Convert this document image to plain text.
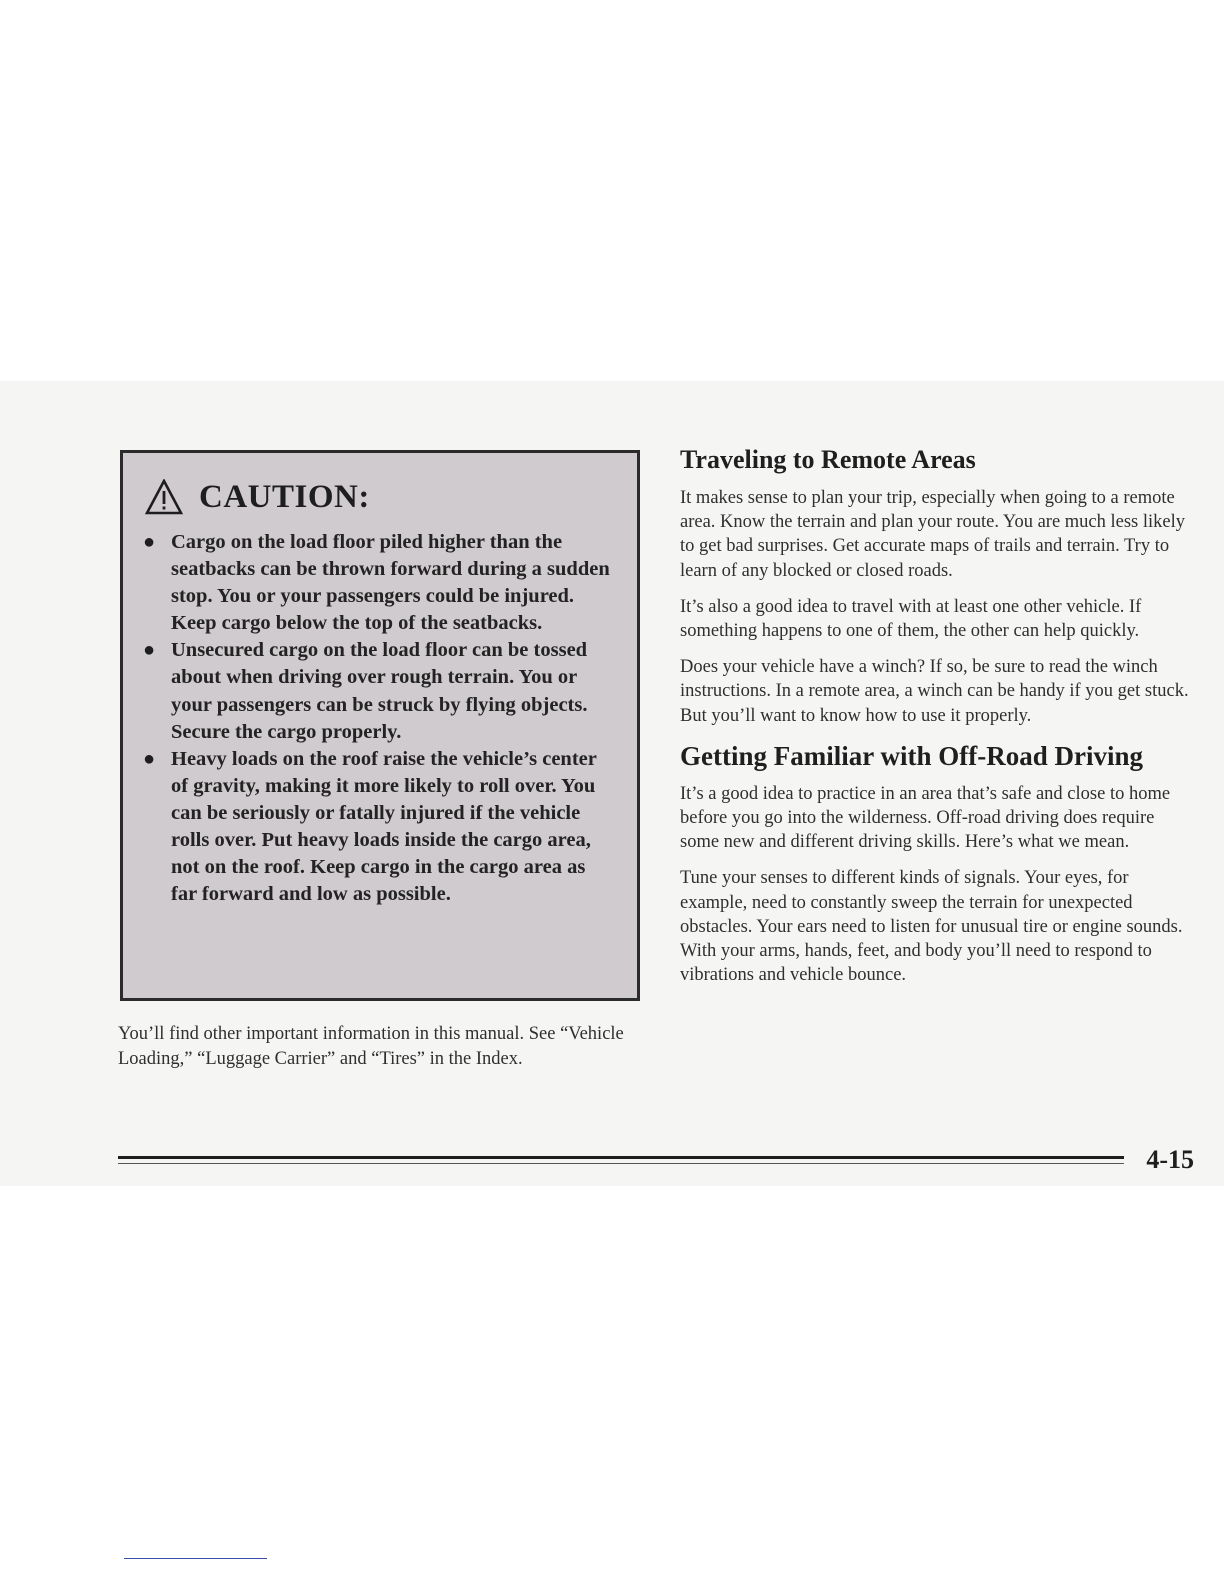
CAUTION:
● Cargo on the load floor piled higher than the seatbacks can be thrown forward during a sudden stop. You or your passengers could be injured. Keep cargo below the top of the seatbacks.
● Unsecured cargo on the load floor can be tossed about when driving over rough terrain. You or your passengers can be struck by flying objects. Secure the cargo properly.
● Heavy loads on the roof raise the vehicle’s center of gravity, making it more likely to roll over. You can be seriously or fatally injured if the vehicle rolls over. Put heavy loads inside the cargo area, not on the roof. Keep cargo in the cargo area as far forward and low as possible.
You’ll find other important information in this manual. See “Vehicle Loading,” “Luggage Carrier” and “Tires” in the Index.
Traveling to Remote Areas

It makes sense to plan your trip, especially when going to a remote area. Know the terrain and plan your route. You are much less likely to get bad surprises. Get accurate maps of trails and terrain. Try to learn of any blocked or closed roads.

It’s also a good idea to travel with at least one other vehicle. If something happens to one of them, the other can help quickly.

Does your vehicle have a winch? If so, be sure to read the winch instructions. In a remote area, a winch can be handy if you get stuck. But you’ll want to know how to use it properly.

Getting Familiar with Off-Road Driving

It’s a good idea to practice in an area that’s safe and close to home before you go into the wilderness. Off-road driving does require some new and different driving skills. Here’s what we mean.

Tune your senses to different kinds of signals. Your eyes, for example, need to constantly sweep the terrain for unexpected obstacles. Your ears need to listen for unusual tire or engine sounds. With your arms, hands, feet, and body you’ll need to respond to vibrations and vehicle bounce.

4-15
